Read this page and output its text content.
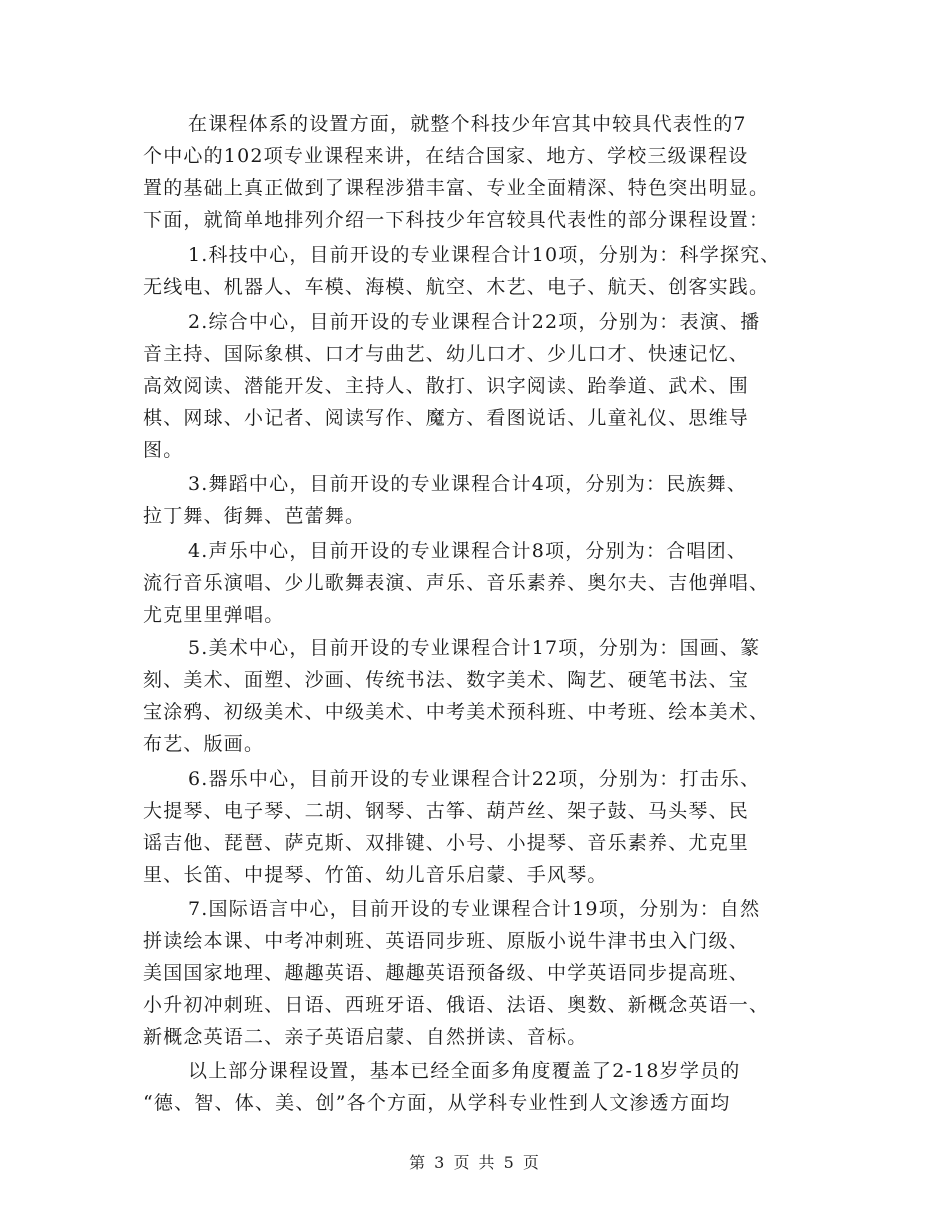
在课程体系的设置方面，就整个科技少年宫其中较具代表性的7
个中心的102项专业课程来讲，在结合国家、地方、学校三级课程设
置的基础上真正做到了课程涉猎丰富、专业全面精深、特色突出明显。
下面，就简单地排列介绍一下科技少年宫较具代表性的部分课程设置：
1.科技中心，目前开设的专业课程合计10项，分别为：科学探究、
无线电、机器人、车模、海模、航空、木艺、电子、航天、创客实践。
2.综合中心，目前开设的专业课程合计22项，分别为：表演、播
音主持、国际象棋、口才与曲艺、幼儿口才、少儿口才、快速记忆、
高效阅读、潜能开发、主持人、散打、识字阅读、跆拳道、武术、围
棋、网球、小记者、阅读写作、魔方、看图说话、儿童礼仪、思维导
图。
3.舞蹈中心，目前开设的专业课程合计4项，分别为：民族舞、
拉丁舞、街舞、芭蕾舞。
4.声乐中心，目前开设的专业课程合计8项，分别为：合唱团、
流行音乐演唱、少儿歌舞表演、声乐、音乐素养、奥尔夫、吉他弹唱、
尤克里里弹唱。
5.美术中心，目前开设的专业课程合计17项，分别为：国画、篆
刻、美术、面塑、沙画、传统书法、数字美术、陶艺、硬笔书法、宝
宝涂鸦、初级美术、中级美术、中考美术预科班、中考班、绘本美术、
布艺、版画。
6.器乐中心，目前开设的专业课程合计22项，分别为：打击乐、
大提琴、电子琴、二胡、钢琴、古筝、葫芦丝、架子鼓、马头琴、民
谣吉他、琵琶、萨克斯、双排键、小号、小提琴、音乐素养、尤克里
里、长笛、中提琴、竹笛、幼儿音乐启蒙、手风琴。
7.国际语言中心，目前开设的专业课程合计19项，分别为：自然
拼读绘本课、中考冲刺班、英语同步班、原版小说牛津书虫入门级、
美国国家地理、趣趣英语、趣趣英语预备级、中学英语同步提高班、
小升初冲刺班、日语、西班牙语、俄语、法语、奥数、新概念英语一、
新概念英语二、亲子英语启蒙、自然拼读、音标。
以上部分课程设置，基本已经全面多角度覆盖了2-18岁学员的
“德、智、体、美、创”各个方面，从学科专业性到人文渗透方面均
第 3 页 共 5 页
